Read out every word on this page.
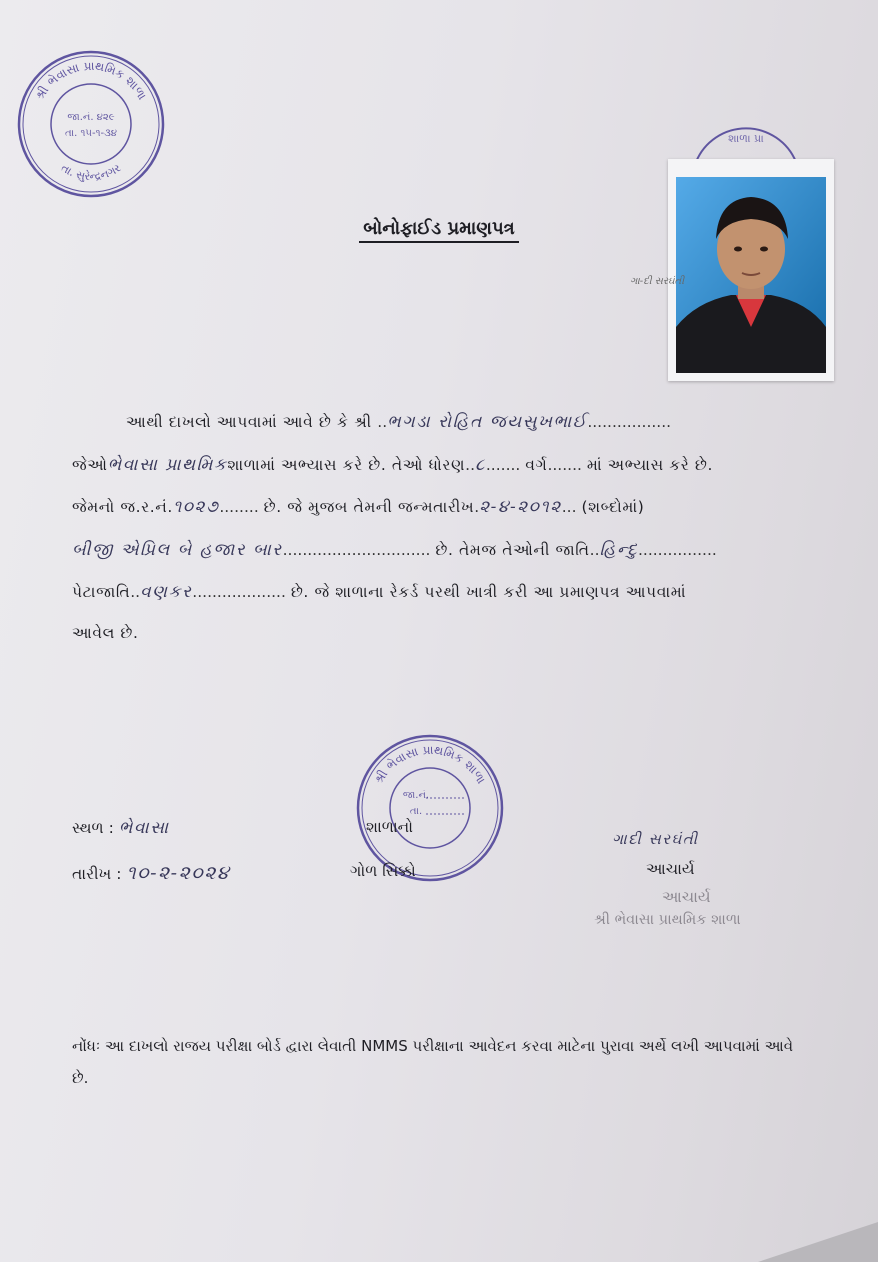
શ્રી ભેવાસા પ્રાથમિક શાળા
તા. સુરેન્દ્રનગર
જા.નં. ૪૨૯
તા. ૧૫-૧-૩૪
બોનોફાઈડ પ્રમાણપત્ર
શાળા પ્રા
ગા-દી સરઘંતી
આથી દાખલો આપવામાં આવે છે કે શ્રી ..ભગડા રોહિત જયસુખભાઈ.................
જેઓભેવાસા પ્રાથમિકશાળામાં અભ્યાસ કરે છે. તેઓ ધોરણ..૮....... વર્ગ....... માં અભ્યાસ કરે છે.
જેમનો જ.ર.નં.૧૦૨૭........ છે. જે મુજબ તેમની જન્મતારીખ.૨-૪-૨૦૧૨... (શબ્દોમાં)
બીજી એપ્રિલ બે હજાર બાર.............................. છે. તેમજ તેઓની જાતિ..હિન્દુ................
પેટાજાતિ..વણકર................... છે. જે શાળાના રેકર્ડ પરથી ખાત્રી કરી આ પ્રમાણપત્ર આપવામાં
આવેલ છે.
શ્રી ભેવાસા પ્રાથમિક શાળા
જા.નં.
તા.
સ્થળ : ભેવાસા
તારીખ : ૧૦-૨-૨૦૨૪
શાળાનો
ગોળ સિક્કો
ગાદી સરઘંતી
આચાર્ય
આચાર્ય
શ્રી ભેવાસા પ્રાથમિક શાળા
નોંધઃ આ દાખલો રાજય પરીક્ષા બોર્ડ દ્વારા લેવાતી NMMS પરીક્ષાના આવેદન કરવા માટેના પુરાવા અર્થે લખી આપવામાં આવે છે.
